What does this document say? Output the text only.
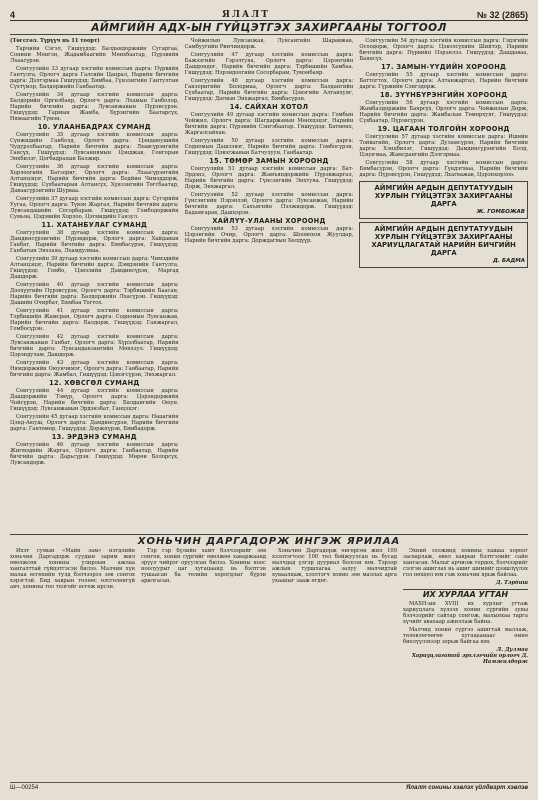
4	ЯЛАЛТ	№ 32 (2865)
АЙМГИЙН АДХ-ЫН ГҮЙЦЭТГЭХ ЗАХИРГААНЫ ТОГТООЛ

(Төгсгөл. Түрүүч нь 11 тоорт)

Тарчийн Сэгэл, Гишүүдэд: Балдандоржийн Сугаргаа, Сонини Мөнгэн, Жадамбаагийн Мөнхбаатар, Пүрэвийн Лхаасүрэн.

Сонгуулийн 33 дугаар хэсгийн комиссын дарга: Пүрвийн Гантулга, Орлогч дарга Галсийн Цацрал, Нарийн бичгийн дарга: Дэлгэрмаа Гишүүдэд: Бямбаа, Гүнзэнгийн Гантулгын Сүхтүмэр, Балдоржийн Ганбаатар.

Сонгуулийн 34 дугаар хэсгийн комиссын дарга: Балдорийн Оргилбаяр, Орлогч дарга: Лхамын Ганболор, Нарийн бичгийн дарга: Лувсанжавын Пүрэвсүрэн. Гишүүдэд: Гармын Жамба, Бүрэнгийн Баатарсүх, Нямаагийн Түмэн.

10. УЛААНБАДРАХ СУМАНД

Сонгуулийн 35 дугаар хэсгийн комиссын дарга: Сүнжидийн Ганболд, Орлогч дарга: Цэндаюушийн Чудурэлбаатар, Нарийн бичгийн дарга: Лхавсүрэнгийн Гансүх, Гишүүдэд: Лувсаннямын Цэнджав, Гонгорын Энхбилэг, Цогбадрахын Балжир.

Сонгуулийн 36 дугаар хэсгийн комиссын дарга: Хорлоогийн Батзориг, Орлогч дарга: Лхаасүрэнгийн Алтанцэцэг, Нарийн бичгийн дарга: Бодйин Чимэддорж, Гишүүдэд: Сүхбаатарын Алтансүх, Хүнзэнгийн Төгсбаатар, Даваасүрэнгийн Шурваа.

Сонгуулийн 37 дугаар хэсгийн комиссын дарга: Сүгэрийн Уугаа, Орлогч дарга: Түвэн Жаргал, Нарийн бичгийн дарга: Лувсандашийн Сосорбарам. Гишүүдэд: Гомбодоржийн Сумьяа, Цэдэвийн Хорлоо, Цэгмидийн Ганзул.

11. ХАТАНБУЛАГ СУМАНД

Сонгуулийн 38 дугаар хэсгийн комиссын дарга: Дамдинсүрэнгийн Пүрэвдорж, Орлогч дарга: Хайдавын Ганбат, Нарийн бичгийн дарга: Бямбасүрэн, Гишүүдэд: Ганбатын Энхзаяа, Лхамдулмаа.

Сонгуулийн 39 дугаар хэсгийн комиссын дарга: Чимэдийн Алтанцэцэг, Нарийн бичгийн дарга: Дэмдэнийн Гантулга, Гишүүдэд: Гомбо, Цэвэлийн Дамдинсүрэн, Маргад Дашдорж.

Сонгуулийн 40 дугаар хэсгийн комиссын дарга: Доохүүгийн Пүрэвсүрэн, Орлогч дарга: Тэрбишийн Баасан, Нарийн бичгийн дарга: Балдоржийн Лхасүрэн. Гишүүдэд: Дашийн Очирбат, Бямбаа Тогтох.

Сонгуулийн 41 дугаар хэсгийн комиссын дарга: Тэрбишийн Жамсран, Орлогч дарга: Содномын Лувсанжав, Нарийн бичгийн дарга: Балдорж, Гишүүдэд: Ганжаргал, Гомбосүрэн.

Сонгуулийн 42 дугаар хэсгийн комиссын дарга: Лувсанжавын Ганбат, Орлогч дарга: Хүрэлбаатар, Нарийн бичгийн дарга: Лувсанданзангийн Мөнхзул. Гишүүдэд: Цэрэндулам, Дашдорж.

Сонгуулийн 43 дугаар хэсгийн комиссын дарга: Нямдоржийн Оюунчимэг, Орлогч дарга: Ганбаатар, Нарийн бичгийн дарга: Жамбал, Гишүүдэд: Цэвэгсүрэн, Энхжаргал.

12. ХӨВСГӨЛ СУМАНД

Сонгуулийн 44 дугаар хэсгийн комиссын дарга: Дашдоржийн Тэмүр, Орлогч дарга: Цэрэндоржийн Чойсүрэн, Нарийн бичгийн дарга: Балдангийн Оюун. Гишүүдэд: Лувсанжавын Эрдэнэбат, Ганцэцэг.

Сонгуулийн 45 дугаар хэсгийн комиссын дарга: Нацагийн Цэнд-Аюуш, Орлогч дарга: Дамдинсүрэн, Нарийн бичгийн дарга: Гантөмөр, Гишүүдэд: Доржпүрэв, Бямбадорж.

13. ЭРДЭНЭ СУМАНД

Сонгуулийн 46 дугаар хэсгийн комиссын дарга: Жигмэдийн Жаргал, Орлогч дарга: Ганбаатар, Нарийн бичгийн дарга: Дарьсүрэн. Гишүүдэд: Мөрөн Болорсүх, Лувсандорж.

Чойжилын Лувсанжав, Лувсангийн Шаравжав, Самбуугийн Ринчиндорж.

Сонгуулийн 47 дугаар хэсгийн комиссын дарга: Бажээгийн Гэрэлтуяа, Орлогч дарга: Цэрэнгийн Дашдондог, Нарийн бичгийн дарга: Тэрбишийн Хамбаа. Гишүүдэд: Нэрэндоогийн Сосорбарам, Тумэнбаяр.

Сонгуулийн 48 дугаар хэсгийн комиссын дарга: Ганзоригийн Болормаа, Орлогч дарга: Балдангийн Сүхбаатар, Нарийн бичгийн дарга: Цэвэгийн Алтанхуяг, Гишүүдэд: Дагвын Энхжаргал, Бямбасүрэн.

14. САЙХАН ХОТОЛ

Сонгуулийн 49 дугаар хэсгийн комиссын дарга: Гомбын Чойжил, Орлогч дарга: Шагдаржавын Мөнхцэцэг, Нарийн бичгийн дарга: Пүрэвийн Сэнгэбаатар. Гишүүдэд: Батмөнх, Жаргалсайхан.

Сонгуулийн 50 дугаар хэсгийн комиссын дарга: Содномын Дашзэвэг, Нарийн бичгийн дарга: Гомбосүрэн, Гишүүдэд: Цэвэгжавын Батчулуун, Ганбаатар.

15. ТӨМӨР ЗАМЫН ХОРООНД

Сонгуулийн 51 дугаар хэсгийн комиссын дарга: Бат-Эрдэнэ, Орлогч дарга: Жамъяндоржийн Пүрэвжаргал, Нарийн бичгийн дарга: Гүнсэнгийн Энхтуяа. Гишүүдэд: Дорж, Энхжаргал.

Сонгуулийн 52 дугаар хэсгийн комиссын дарга: Гүнсэнгийн Пэрэнлэй, Орлогч дарга: Лувсанжав, Нарийн бичгийн дарга: Сахъягийн Пэлжидорж. Гишүүдэд: Бадамгарав, Дашцэрэн.

ХАЙЛҮҮ-УЛААНЫ ХОРООНД

Сонгуулийн 53 дугаар хэсгийн комиссын дарга: Цэрэнгийн Очир, Орлогч дарга: Шоовохон Жуулдар, Нарийн бичгийн дарга: Дорждагвын Хөлдүүр.

Сонгуулийн 54 дугаар хэсгийн комиссын дарга: Гэдэгийн Осоодорж, Орлогч дарга: Цэвэлсүхийн Шийтэр, Нарийн бичгийн дарга: Пүрвийн Пэрэнлээ. Гишүүдэд: Дашдаваа, Баянсүх.

17. ЗАМЫН-ҮҮДИЙН ХОРООНД

Сонгуулийн 55 дугаар хэсгийн комиссын дарга: Баттогтох, Орлогч дарга: Алтанжаргал, Нарийн бичгийн дарга: Гүржийн Сэнгэдорж.

18. ЗҮҮНБҮРЭНГИЙН ХОРООНД

Сонгуулийн 56 дугаар хэсгийн комиссын дарга: Жамбалдоржийн Баярсүх, Орлогч дарга: Чойжилын Дорж, Нарийн бичгийн дарга: Жамбалын Төмөрхуяг, Гишүүдэд: Сүхбаатар, Пүрэвсүрэн.

19. ЦАГААН ТОЛГОЙН ХОРООНД

Сонгуулийн 57 дугаар хэсгийн комиссын дарга: Ишийн Тойвагийн, Орлогч дарга: Дуламсүрэн, Нарийн бичгийн дарга: Хэнцбилэг, Гишүүдэд: Дамдинсүрэнгийн Болд, Цэцэгмаа, Жамсрангийн Дэлгэрмаа.

Сонгуулийн 58 дугаар хэсгийн комиссын дарга: Бямбасүрэн, Орлогч дарга: Гүндэгмаа, Нарийн бичгийн дарга: Пүрэвсүрэн, Гишүүдэд: Лхагважав, Цэрэнхорлоо.

АЙМГИЙН АРДЫН ДЕПУТАТУУДЫН ХУРЛЫН ГҮЙЦЭТГЭХ ЗАХИРГААНЫ ДАРГА
Ж. ГОМБОЖАВ
АЙМГИЙН АРДЫН ДЕПУТАТУУДЫН ХУРЛЫН ГҮЙЦЭТГЭХ ЗАХИРГААНЫ ХАРИУЦЛАГАТАЙ НАРИЙН БИЧГИЙН ДАРГА
Д. БАДМА
ХОНЬЧИН ДАРГАДОРЖ ИНГЭЖ ЯРИЛАА

Ихэт сумын «Майн зам» нэгдлийн хоньчин Даргадорж суудын зарим жил өвөлжсөн хонины улирлын ажлаа хангалттай гүйцэтгэсэн билээ. Малчин хүн малаа өсгөхийн тулд бэлчээрээ зөв сонгох хэрэгтэй. Бид хаврын төлөөс өлсгөлөнгүй авч, хонины тоо толгойг өсгөж ирсэн.

Тэр гэр бүлийн хамт бэлчээрийг зөв сонгон, хонин сүргийг өвөлжөө хаваржаанд эрүүл чийрэг оруулсан билээ. Хонины ноос ноолуурыг цаг хугацаанд нь бэлтгэн тушаасан ба төлийн хорогдлыг бүрэн арилгасан.

Хоньчин Даргадорж өнгөрсөн жил 100 хээлтэгчээс 100 төл бойжуулсан нь бусад малчдад үлгэр дууриал болсон юм. Тэрээр ажлын туршлагаа залуу малчидтай хуваалцаж, хээлтэгч хонио зөв маллах арга ухааныг зааж өгдөг.

Эхний ээлжинд хонины хашаа хороог засварлаж, өвөл хаврын бэлтгэлийг сайн хангасан. Малыг арчилж тордох, бэлчээрийг сэлгэн ашиглах нь ашиг шимийг дээшлүүлэх гол нөхцөл юм гэж хоньчин ярьж байлаа.

Д. Тэрбиш
ИХ ХУРЛАА УГТАН

МАХН-ын XVIII их хурлыг угтаж хариуцлага хүлээх хонин сүргийн зуны бэлчээрийг сайтар сонгож, малынхаа тарга хүчийг авахаар ажиллаж байна.

Малчид хонин сүргээ ашигтай маллаж, төлөвлөгөөгөө хугацаанаас өмнө биелүүлэхээр зорьж байгаа юм.

Л. Дулмаа
Хариуцлагатай эрхлэгчийн орлогч Д. Намжилдорж
Ш—00254	Ялалт сонины хэвлэх үйлдвэрт хэвлэв
